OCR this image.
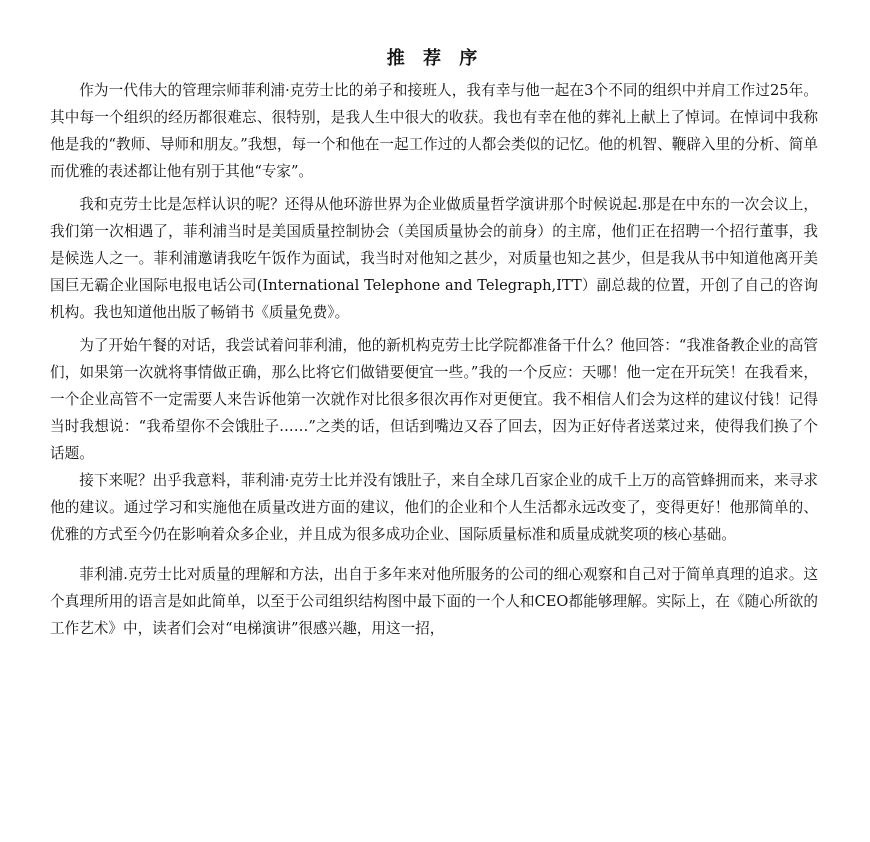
推 荐 序

作为一代伟大的管理宗师菲利浦·克劳士比的弟子和接班人，我有幸与他一起在3个不同的组织中并肩工作过25年。其中每一个组织的经历都很难忘、很特别，是我人生中很大的收获。我也有幸在他的葬礼上献上了悼词。在悼词中我称他是我的“教师、导师和朋友。”我想，每一个和他在一起工作过的人都会类似的记忆。他的机智、鞭辟入里的分析、简单而优雅的表述都让他有别于其他“专家”。

我和克劳士比是怎样认识的呢？还得从他环游世界为企业做质量哲学演讲那个时候说起.那是在中东的一次会议上，我们第一次相遇了，菲利浦当时是美国质量控制协会（美国质量协会的前身）的主席，他们正在招聘一个招行董事，我是候选人之一。菲利浦邀请我吃午饭作为面试，我当时对他知之甚少，对质量也知之甚少，但是我从书中知道他离开美国巨无霸企业国际电报电话公司(International Telephone and Telegraph,ITT）副总裁的位置，开创了自己的咨询机构。我也知道他出版了畅销书《质量免费》。

为了开始午餐的对话，我尝试着问菲利浦，他的新机构克劳士比学院都准备干什么？他回答：“我准备教企业的高管们，如果第一次就将事情做正确，那么比将它们做错要便宜一些。”我的一个反应：天哪！他一定在开玩笑！在我看来，一个企业高管不一定需要人来告诉他第一次就作对比很多很次再作对更便宜。我不相信人们会为这样的建议付钱！记得当时我想说：“我希望你不会饿肚子……”之类的话，但话到嘴边又吞了回去，因为正好侍者送菜过来，使得我们换了个话题。

接下来呢？出乎我意料，菲利浦·克劳士比并没有饿肚子，来自全球几百家企业的成千上万的高管蜂拥而来，来寻求他的建议。通过学习和实施他在质量改进方面的建议，他们的企业和个人生活都永远改变了，变得更好！他那简单的、优雅的方式至今仍在影响着众多企业，并且成为很多成功企业、国际质量标准和质量成就奖项的核心基础。

菲利浦.克劳士比对质量的理解和方法，出自于多年来对他所服务的公司的细心观察和自己对于简单真理的追求。这个真理所用的语言是如此简单，以至于公司组织结构图中最下面的一个人和CEO都能够理解。实际上，在《随心所欲的工作艺术》中，读者们会对“电梯演讲”很感兴趣，用这一招，
